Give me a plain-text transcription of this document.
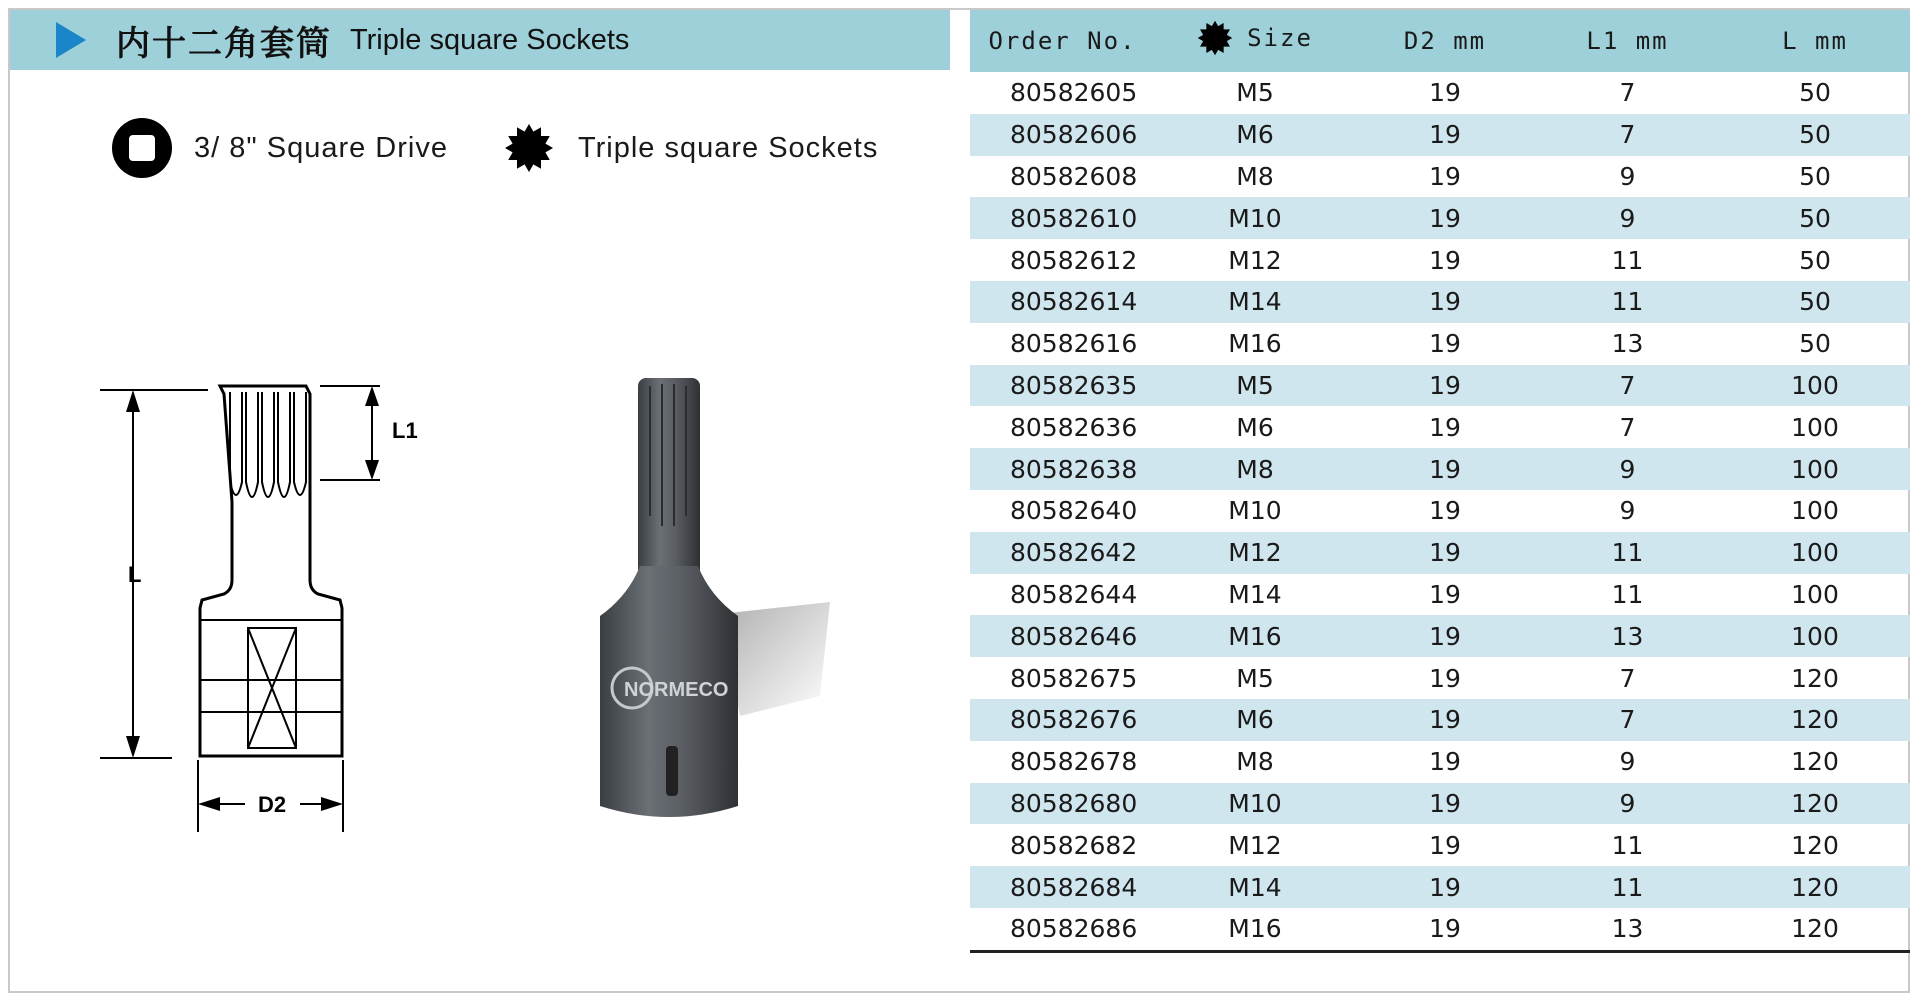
内十二角套筒 Triple square Sockets
3/ 8" Square Drive	Triple square Sockets
L1
L
D2
NORMECO
Order No.	Size	D2 mm	L1 mm	L mm
80582605	M5	19	7	50
80582606	M6	19	7	50
80582608	M8	19	9	50
80582610	M10	19	9	50
80582612	M12	19	11	50
80582614	M14	19	11	50
80582616	M16	19	13	50
80582635	M5	19	7	100
80582636	M6	19	7	100
80582638	M8	19	9	100
80582640	M10	19	9	100
80582642	M12	19	11	100
80582644	M14	19	11	100
80582646	M16	19	13	100
80582675	M5	19	7	120
80582676	M6	19	7	120
80582678	M8	19	9	120
80582680	M10	19	9	120
80582682	M12	19	11	120
80582684	M14	19	11	120
80582686	M16	19	13	120
